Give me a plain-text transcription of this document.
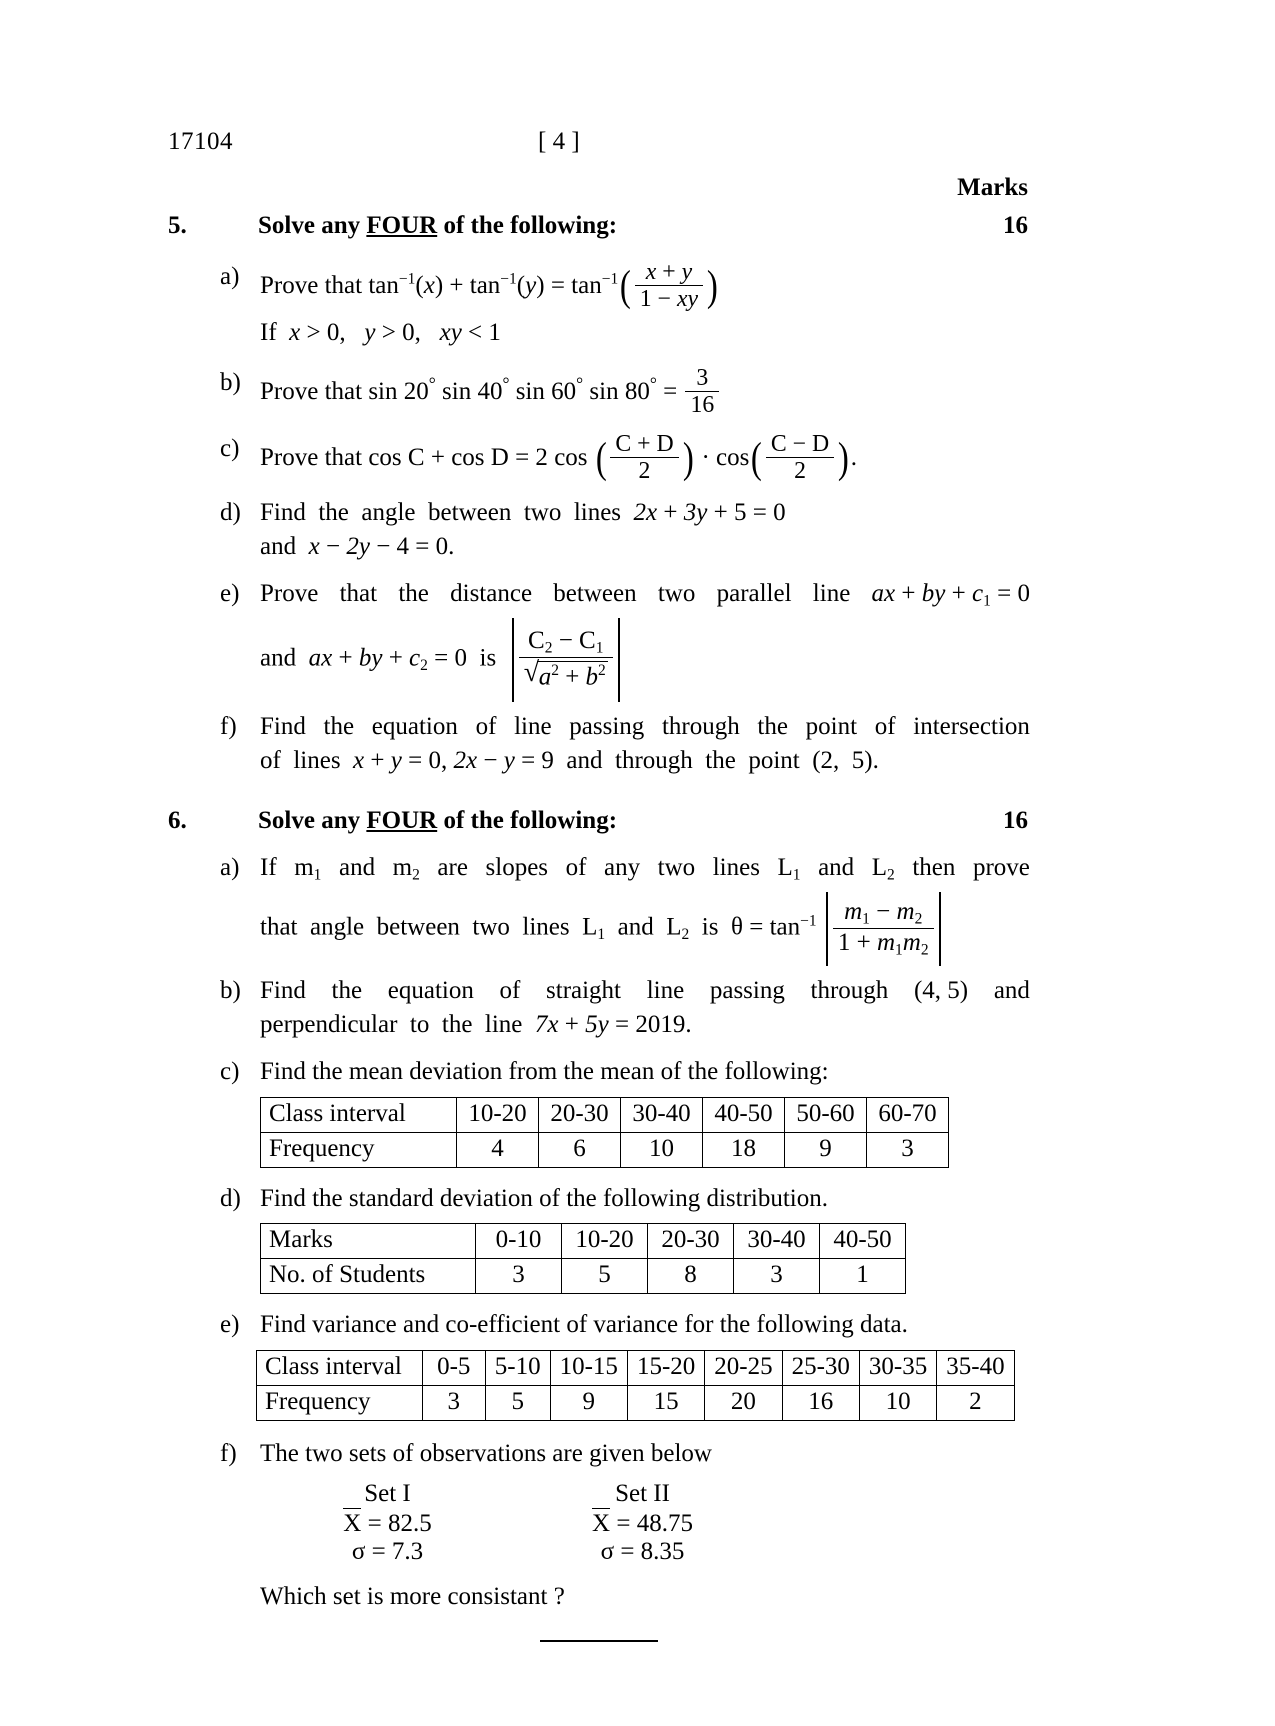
17104	[ 4 ]
Marks
5.	Solve any FOUR of the following:	16
a) Prove that $\tan^{-1}(x) + \tan^{-1}(y) = \tan^{-1}( \frac{x + y}{1 - xy}$ )
If  x > 0,   y > 0,   xy < 1
b) Prove that sin 20° sin 40° sin 60° $\sin 80^\circ = \frac{3}{16}$
c) Prove that cos C + cos D = 2 cos ( $\frac{C + D}{2}$ ) · $\cos( \frac{C - D}{2}$ ).
d) Find  the  angle  between  two  lines  2x + 3y + 5 = 0
and  x − 2y − 4 = 0.
e) Prove that the distance between two parallel line ax + by + $c_1 = 0$
and  ax + by + $c_2 = 0$  is $C_2 - C_1$
√ $a^2 + b^2$
f) Find the equation of line passing through the point of intersection
of  lines  x + y = 0, 2x − y = 9  and  through  the  point  (2,  5).
6.	Solve any FOUR of the following:	16
a) If $m_1$ and $m_2$ are slopes of any two lines $L_1$ and $L_2$ then prove
that  angle  between  two  lines  $L_1$  and  $L_2$  is  $\theta = \tan^{-1} \frac{m_1 - m_2}{1 + m_1m_2}$
b) Find the equation of straight line passing through (4, 5) and
perpendicular  to  the  line  7x + 5y = 2019.
c) Find the mean deviation from the mean of the following:
Class interval	10-20	20-30	30-40	40-50	50-60	60-70
Frequency	4	6	10	18	9	3
d) Find the standard deviation of the following distribution.
Marks	0-10	10-20	20-30	30-40	40-50
No. of Students	3	5	8	3	1
e) Find variance and co-efficient of variance for the following data.
Class interval	0-5	5-10	10-15	15-20	20-25	25-30	30-35	35-40
Frequency	3	5	9	15	20	16	10	2
f) The two sets of observations are given below
Set I
X = 82.5
σ = 7.3
Set II
X = 48.75
σ = 8.35
Which set is more consistant ?
